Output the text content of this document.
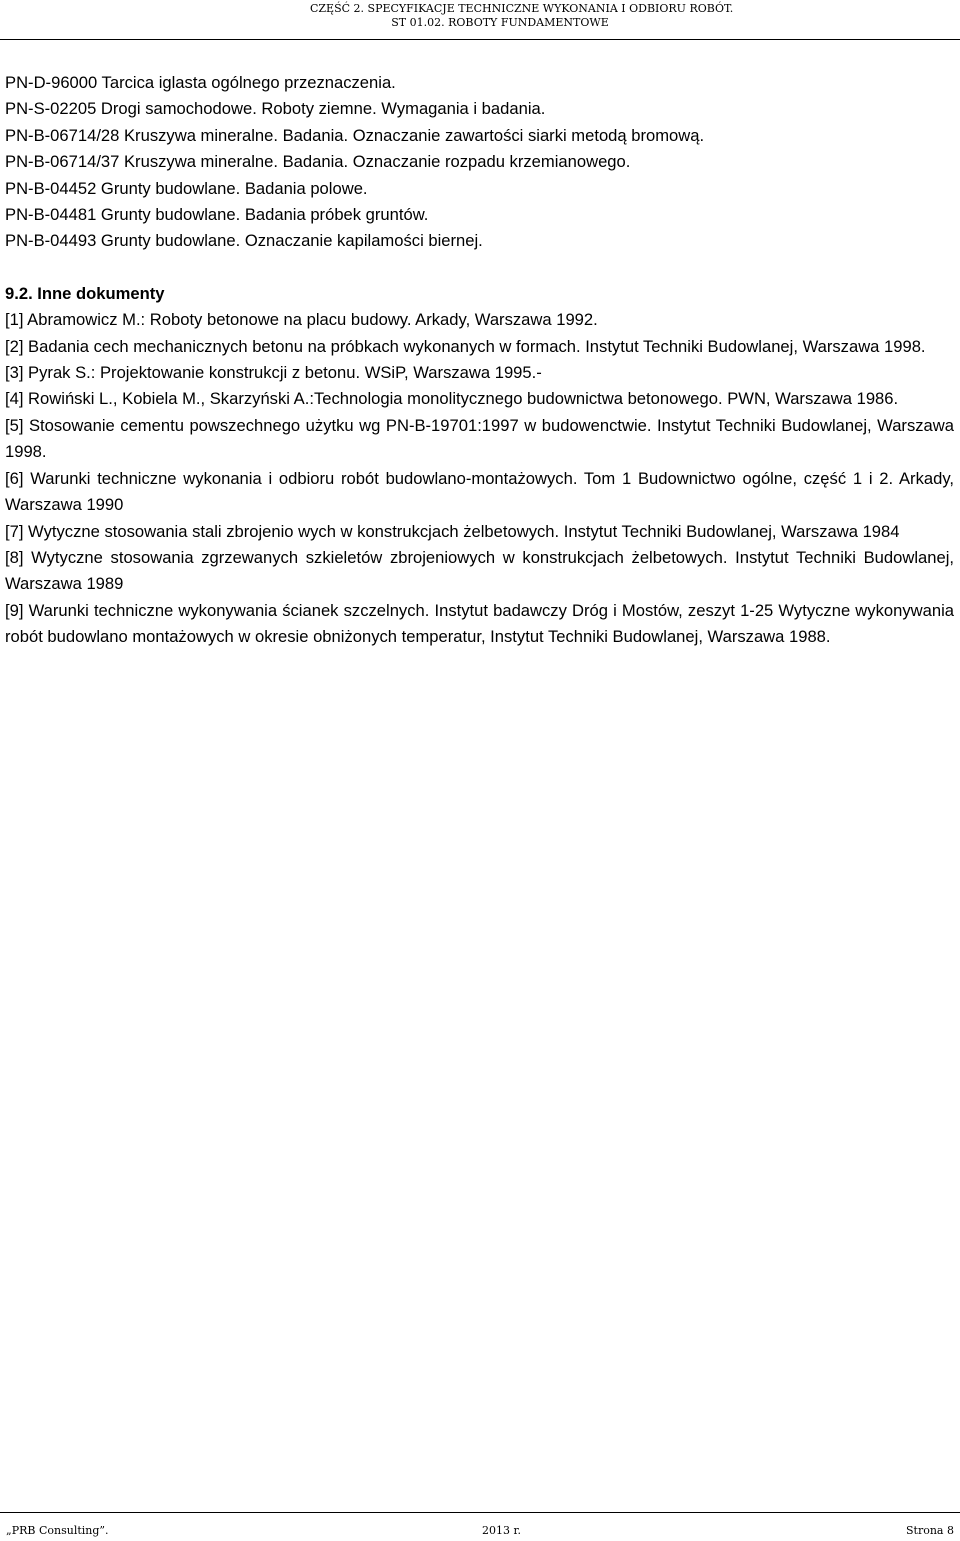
CZĘŚĆ 2. SPECYFIKACJE TECHNICZNE WYKONANIA I ODBIORU ROBÓT.
ST 01.02. ROBOTY FUNDAMENTOWE
PN-D-96000 Tarcica iglasta ogólnego przeznaczenia.
PN-S-02205 Drogi samochodowe. Roboty ziemne. Wymagania i badania.
PN-B-06714/28 Kruszywa mineralne. Badania. Oznaczanie zawartości siarki metodą bromową.
PN-B-06714/37 Kruszywa mineralne. Badania. Oznaczanie rozpadu krzemianowego.
PN-B-04452 Grunty budowlane. Badania polowe.
PN-B-04481 Grunty budowlane. Badania próbek gruntów.
PN-B-04493 Grunty budowlane. Oznaczanie kapilamości biernej.
9.2. Inne dokumenty
[1] Abramowicz M.: Roboty betonowe na placu budowy. Arkady, Warszawa 1992.
[2] Badania cech mechanicznych betonu na próbkach wykonanych w formach. Instytut Techniki Budowlanej, Warszawa 1998.
[3] Pyrak S.: Projektowanie konstrukcji z betonu. WSiP, Warszawa 1995.-
[4] Rowiński L., Kobiela M., Skarzyński A.:Technologia monolitycznego budownictwa betonowego. PWN, Warszawa 1986.
[5] Stosowanie cementu powszechnego użytku wg PN-B-19701:1997 w budowenctwie. Instytut Techniki Budowlanej, Warszawa 1998.
[6] Warunki techniczne wykonania i odbioru robót budowlano-montażowych. Tom 1 Budownictwo ogólne, część 1 i 2. Arkady, Warszawa 1990
[7] Wytyczne stosowania stali zbrojenio wych w konstrukcjach żelbetowych. Instytut Techniki Budowlanej, Warszawa 1984
[8] Wytyczne stosowania zgrzewanych szkieletów zbrojeniowych w konstrukcjach żelbetowych. Instytut Techniki Budowlanej, Warszawa 1989
[9] Warunki techniczne wykonywania ścianek szczelnych. Instytut badawczy Dróg i Mostów, zeszyt 1-25 Wytyczne wykonywania robót budowlano montażowych w okresie obniżonych temperatur, Instytut Techniki Budowlanej, Warszawa 1988.
„PRB Consulting”.	2013 r.	Strona 8
